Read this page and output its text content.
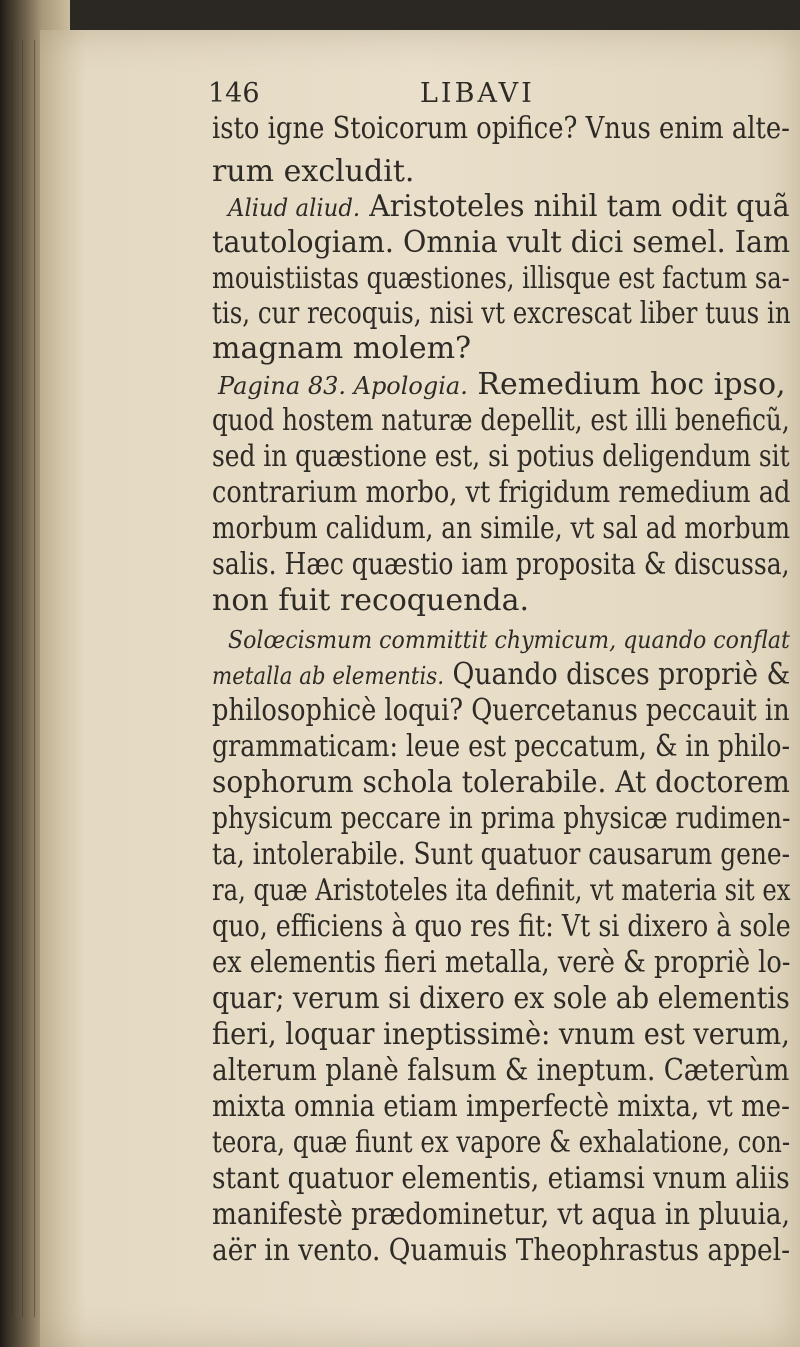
146	LIBAVI
isto igne Stoicorum opifice? Vnus enim alte-
rum excludit.
Aliud aliud. Aristoteles nihil tam odit quã
tautologiam. Omnia vult dici semel. Iam
mouistiistas quæstiones, illisque est factum sa-
tis, cur recoquis, nisi vt excrescat liber tuus in
magnam molem?
Pagina 83. Apologia. Remedium hoc ipso,
quod hostem naturæ depellit, est illi beneficũ,
sed in quæstione est, si potius deligendum sit
contrarium morbo, vt frigidum remedium ad
morbum calidum, an simile, vt sal ad morbum
salis. Hæc quæstio iam proposita & discussa,
non fuit recoquenda.
Solœcismum committit chymicum, quando conflat
metalla ab elementis. Quando disces propriè &
philosophicè loqui? Quercetanus peccauit in
grammaticam: leue est peccatum, & in philo-
sophorum schola tolerabile. At doctorem
physicum peccare in prima physicæ rudimen-
ta, intolerabile. Sunt quatuor causarum gene-
ra, quæ Aristoteles ita definit, vt materia sit ex
quo, efficiens à quo res fit: Vt si dixero à sole
ex elementis fieri metalla, verè & propriè lo-
quar; verum si dixero ex sole ab elementis
fieri, loquar ineptissimè: vnum est verum,
alterum planè falsum & ineptum. Cæterùm
mixta omnia etiam imperfectè mixta, vt me-
teora, quæ fiunt ex vapore & exhalatione, con-
stant quatuor elementis, etiamsi vnum aliis
manifestè prædominetur, vt aqua in pluuia,
aër in vento. Quamuis Theophrastus appel-
